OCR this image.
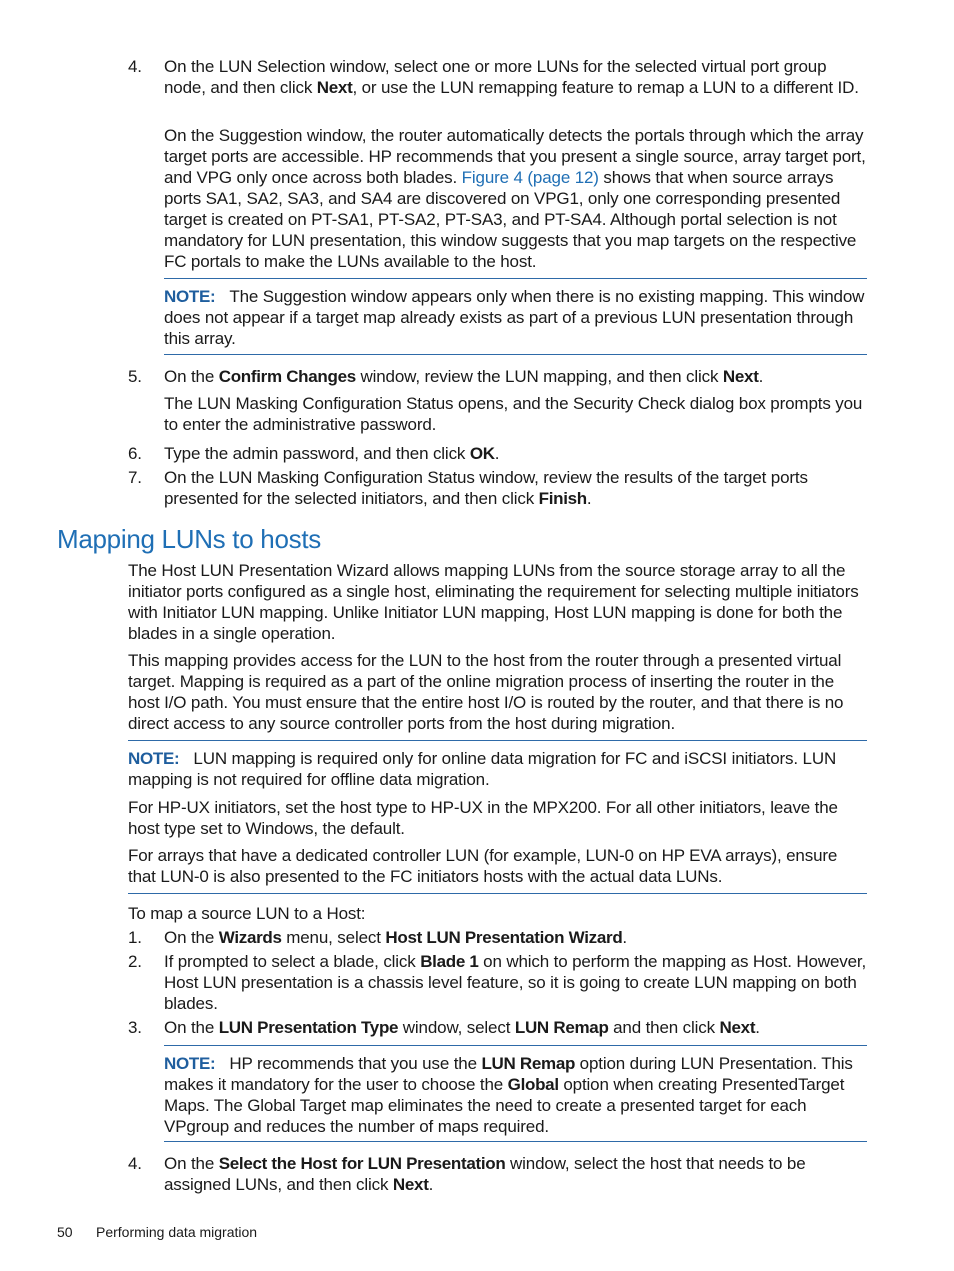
4.	On the LUN Selection window, select one or more LUNs for the selected virtual port group node, and then click Next, or use the LUN remapping feature to remap a LUN to a different ID.
On the Suggestion window, the router automatically detects the portals through which the array target ports are accessible. HP recommends that you present a single source, array target port, and VPG only once across both blades. Figure 4 (page 12) shows that when source arrays ports SA1, SA2, SA3, and SA4 are discovered on VPG1, only one corresponding presented target is created on PT-SA1, PT-SA2, PT-SA3, and PT-SA4. Although portal selection is not mandatory for LUN presentation, this window suggests that you map targets on the respective FC portals to make the LUNs available to the host.
NOTE: The Suggestion window appears only when there is no existing mapping. This window does not appear if a target map already exists as part of a previous LUN presentation through this array.
5.	On the Confirm Changes window, review the LUN mapping, and then click Next.
The LUN Masking Configuration Status opens, and the Security Check dialog box prompts you to enter the administrative password.
6.	Type the admin password, and then click OK.
7.	On the LUN Masking Configuration Status window, review the results of the target ports presented for the selected initiators, and then click Finish.
Mapping LUNs to hosts
The Host LUN Presentation Wizard allows mapping LUNs from the source storage array to all the initiator ports configured as a single host, eliminating the requirement for selecting multiple initiators with Initiator LUN mapping. Unlike Initiator LUN mapping, Host LUN mapping is done for both the blades in a single operation.
This mapping provides access for the LUN to the host from the router through a presented virtual target. Mapping is required as a part of the online migration process of inserting the router in the host I/O path. You must ensure that the entire host I/O is routed by the router, and that there is no direct access to any source controller ports from the host during migration.
NOTE: LUN mapping is required only for online data migration for FC and iSCSI initiators. LUN mapping is not required for offline data migration.
For HP-UX initiators, set the host type to HP-UX in the MPX200. For all other initiators, leave the host type set to Windows, the default.
For arrays that have a dedicated controller LUN (for example, LUN-0 on HP EVA arrays), ensure that LUN-0 is also presented to the FC initiators hosts with the actual data LUNs.
To map a source LUN to a Host:
1.	On the Wizards menu, select Host LUN Presentation Wizard.
2.	If prompted to select a blade, click Blade 1 on which to perform the mapping as Host. However, Host LUN presentation is a chassis level feature, so it is going to create LUN mapping on both blades.
3.	On the LUN Presentation Type window, select LUN Remap and then click Next.
NOTE: HP recommends that you use the LUN Remap option during LUN Presentation. This makes it mandatory for the user to choose the Global option when creating PresentedTarget Maps. The Global Target map eliminates the need to create a presented target for each VPgroup and reduces the number of maps required.
4.	On the Select the Host for LUN Presentation window, select the host that needs to be assigned LUNs, and then click Next.
50 Performing data migration
